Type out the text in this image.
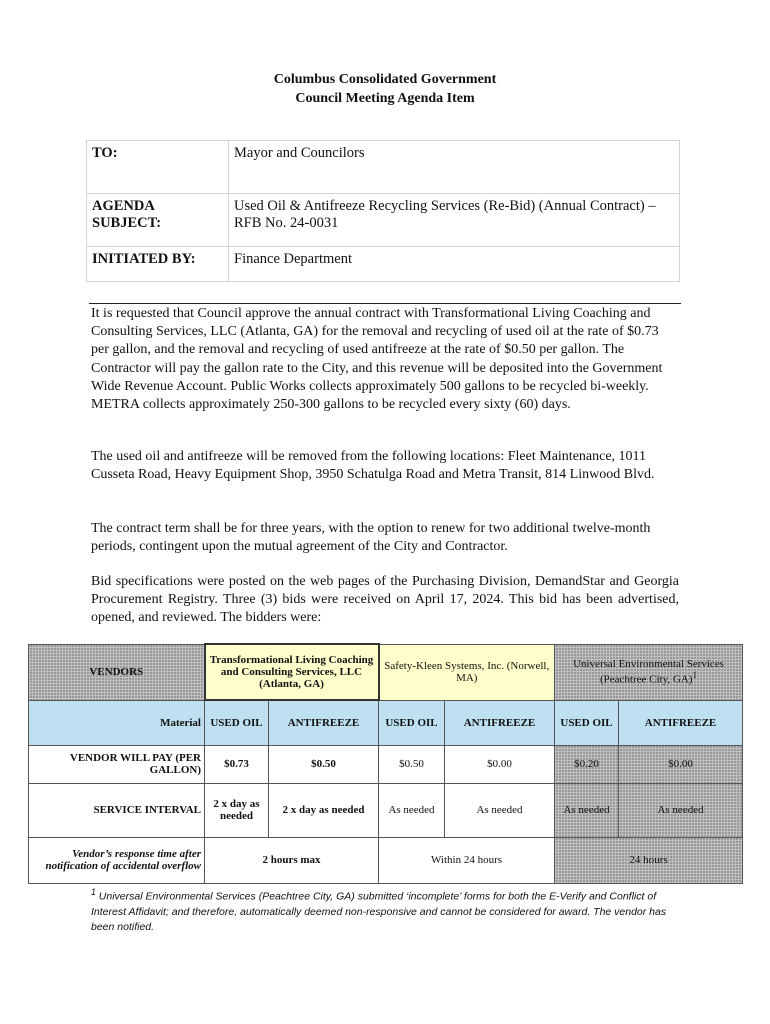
Columbus Consolidated Government
Council Meeting Agenda Item
TO:	Mayor and Councilors
AGENDA SUBJECT:	Used Oil & Antifreeze Recycling Services (Re-Bid) (Annual Contract) – RFB No. 24-0031
INITIATED BY:	Finance Department
It is requested that Council approve the annual contract with Transformational Living Coaching and Consulting Services, LLC (Atlanta, GA) for the removal and recycling of used oil at the rate of $0.73 per gallon, and the removal and recycling of used antifreeze at the rate of $0.50 per gallon. The Contractor will pay the gallon rate to the City, and this revenue will be deposited into the Government Wide Revenue Account. Public Works collects approximately 500 gallons to be recycled bi-weekly. METRA collects approximately 250-300 gallons to be recycled every sixty (60) days.
The used oil and antifreeze will be removed from the following locations: Fleet Maintenance, 1011 Cusseta Road, Heavy Equipment Shop, 3950 Schatulga Road and Metra Transit, 814 Linwood Blvd.
The contract term shall be for three years, with the option to renew for two additional twelve-month periods, contingent upon the mutual agreement of the City and Contractor.
Bid specifications were posted on the web pages of the Purchasing Division, DemandStar and Georgia Procurement Registry. Three (3) bids were received on April 17, 2024. This bid has been advertised, opened, and reviewed. The bidders were:
VENDORS	Transformational Living Coaching and Consulting Services, LLC (Atlanta, GA)		Safety-Kleen Systems, Inc. (Norwell, MA)		Universal Environmental Services (Peachtree City, GA)$^1$
Material	USED OIL	ANTIFREEZE	USED OIL	ANTIFREEZE	USED OIL	ANTIFREEZE
VENDOR WILL PAY (PER GALLON)	$0.73	$0.50	$0.50	$0.00	$0.20	$0.00
SERVICE INTERVAL	2 x day as needed	2 x day as needed	As needed	As needed	As needed	As needed
Vendor’s response time after notification of accidental overflow	2 hours max		Within 24 hours		24 hours	
$^1$ Universal Environmental Services (Peachtree City, GA) submitted ‘incomplete’ forms for both the E-Verify and Conflict of Interest Affidavit; and therefore, automatically deemed non-responsive and cannot be considered for award. The vendor has been notified.
